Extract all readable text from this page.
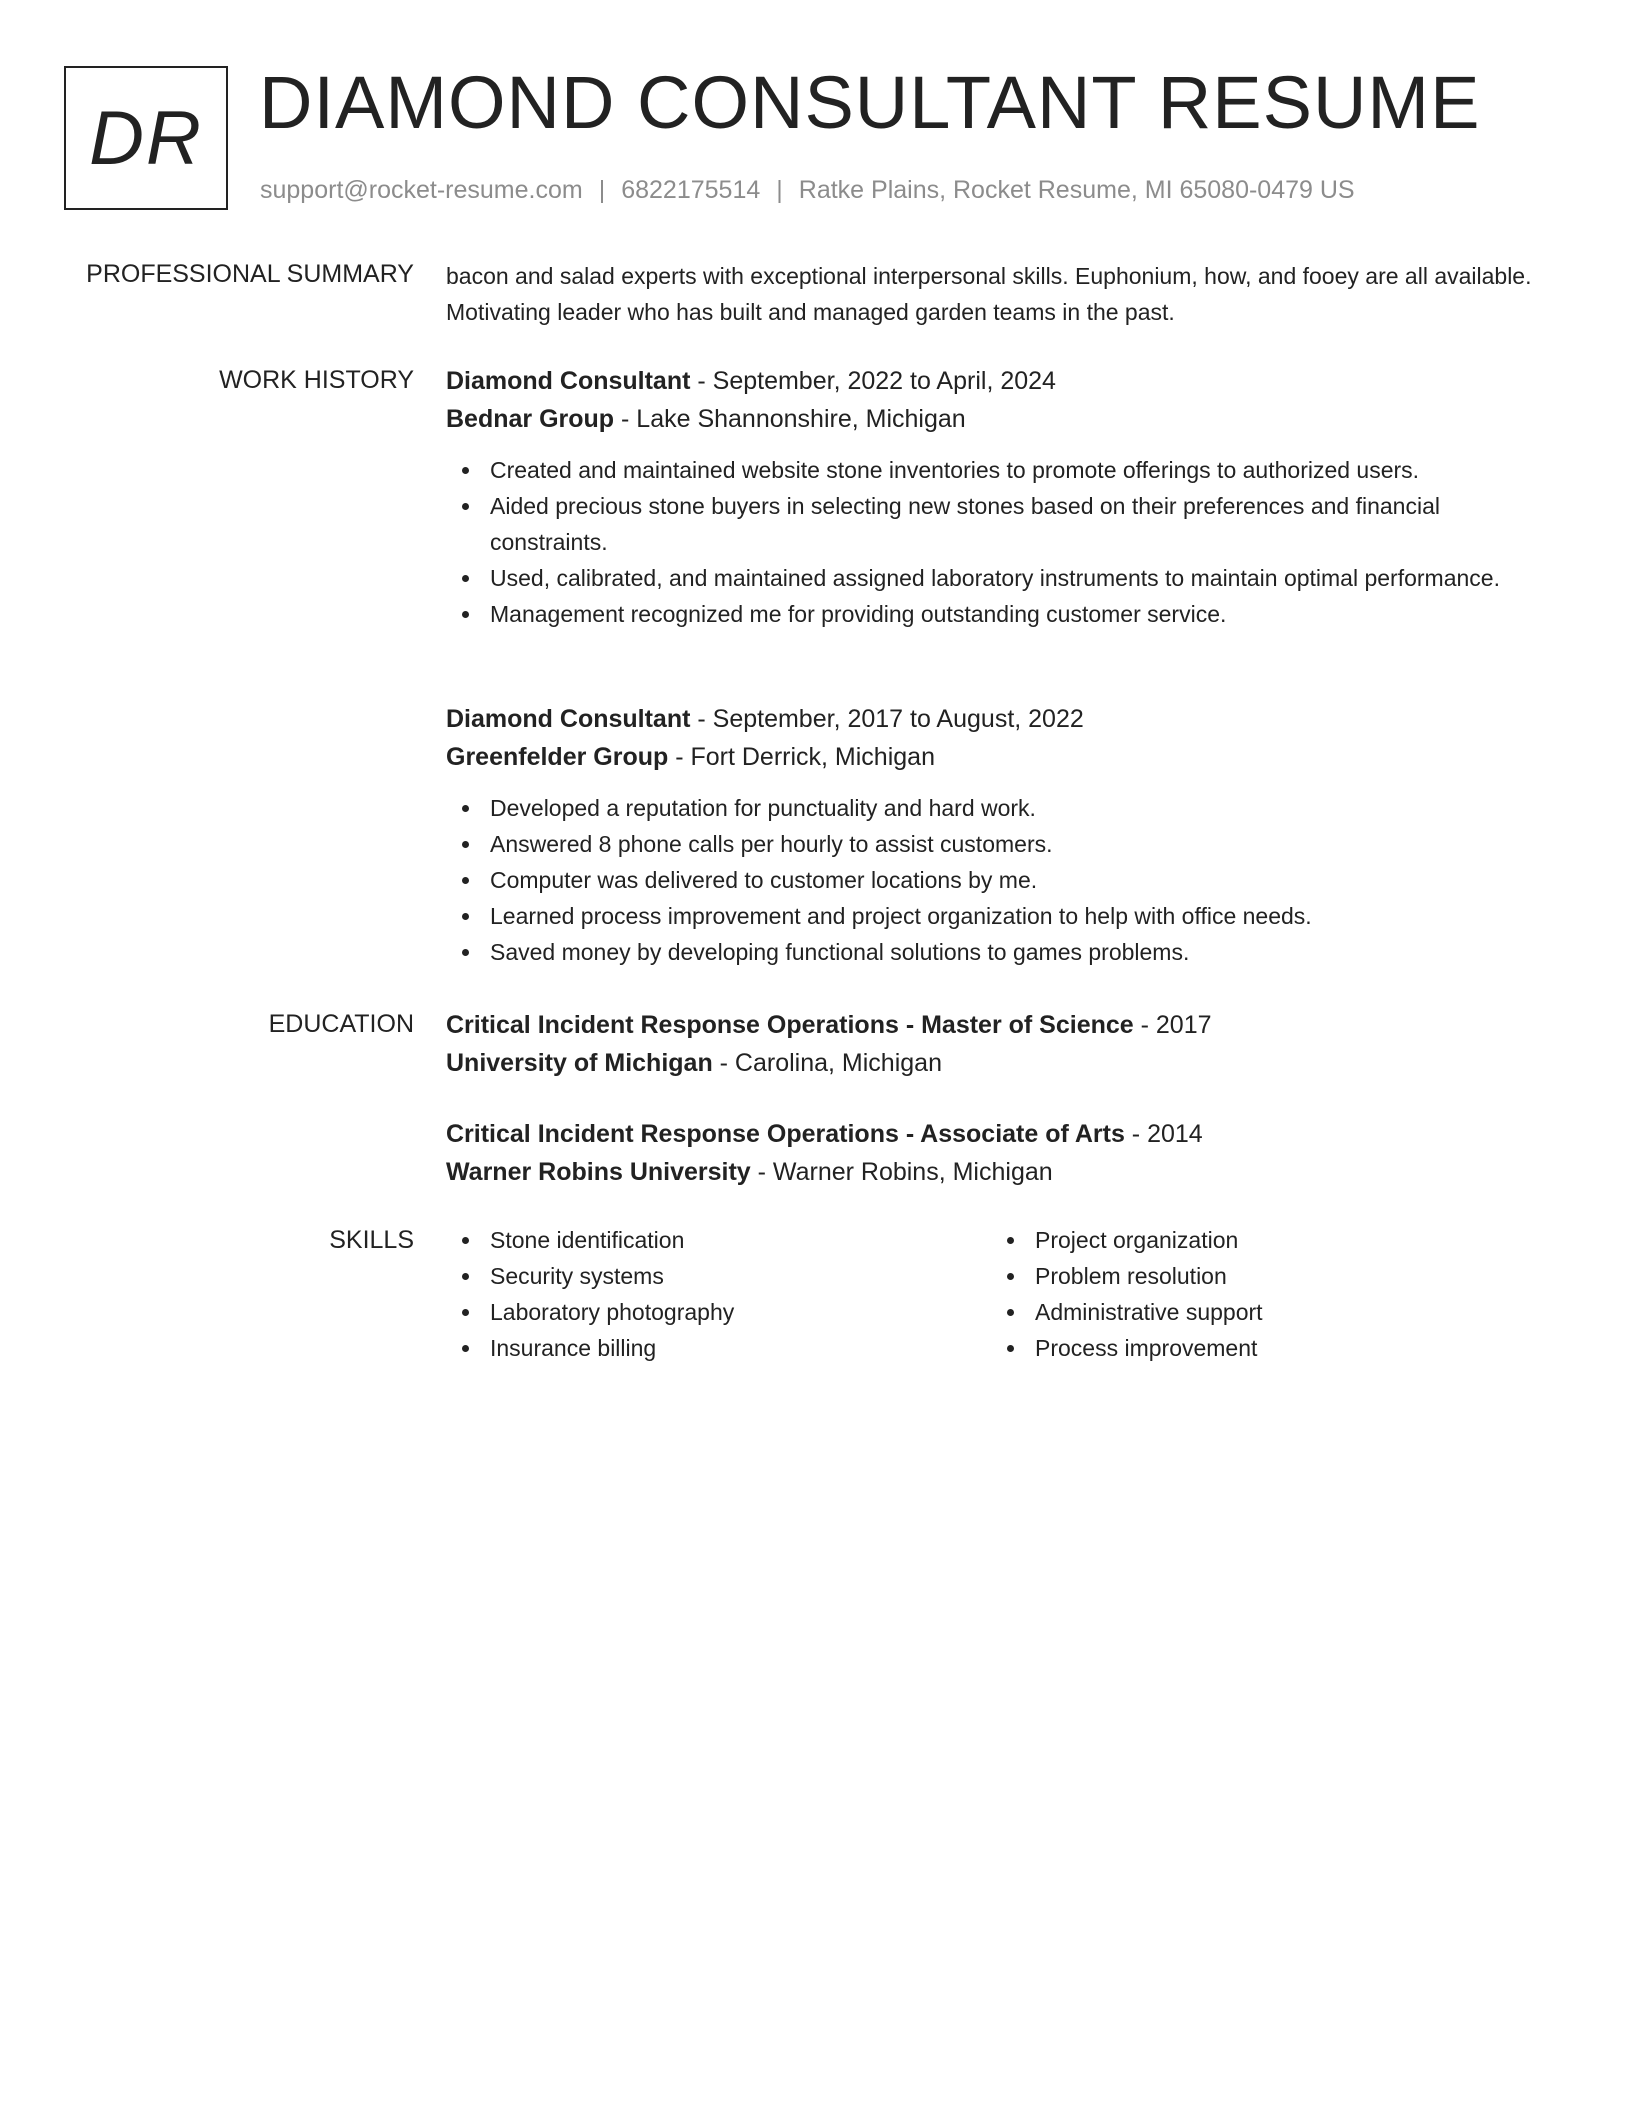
DR DIAMOND CONSULTANT RESUME
support@rocket-resume.com | 6822175514 | Ratke Plains, Rocket Resume, MI 65080-0479 US
PROFESSIONAL SUMMARY bacon and salad experts with exceptional interpersonal skills. Euphonium, how, and fooey are all available. Motivating leader who has built and managed garden teams in the past.

WORK HISTORY Diamond Consultant - September, 2022 to April, 2024
Bednar Group - Lake Shannonshire, Michigan
Created and maintained website stone inventories to promote offerings to authorized users.
Aided precious stone buyers in selecting new stones based on their preferences and financial constraints.
Used, calibrated, and maintained assigned laboratory instruments to maintain optimal performance.
Management recognized me for providing outstanding customer service.
Diamond Consultant - September, 2017 to August, 2022
Greenfelder Group - Fort Derrick, Michigan
Developed a reputation for punctuality and hard work.
Answered 8 phone calls per hourly to assist customers.
Computer was delivered to customer locations by me.
Learned process improvement and project organization to help with office needs.
Saved money by developing functional solutions to games problems.
EDUCATION Critical Incident Response Operations - Master of Science - 2017
University of Michigan - Carolina, Michigan
Critical Incident Response Operations - Associate of Arts - 2014
Warner Robins University - Warner Robins, Michigan
SKILLS	Stone identification
Security systems
Laboratory photography
Insurance billing
Project organization
Problem resolution
Administrative support
Process improvement
